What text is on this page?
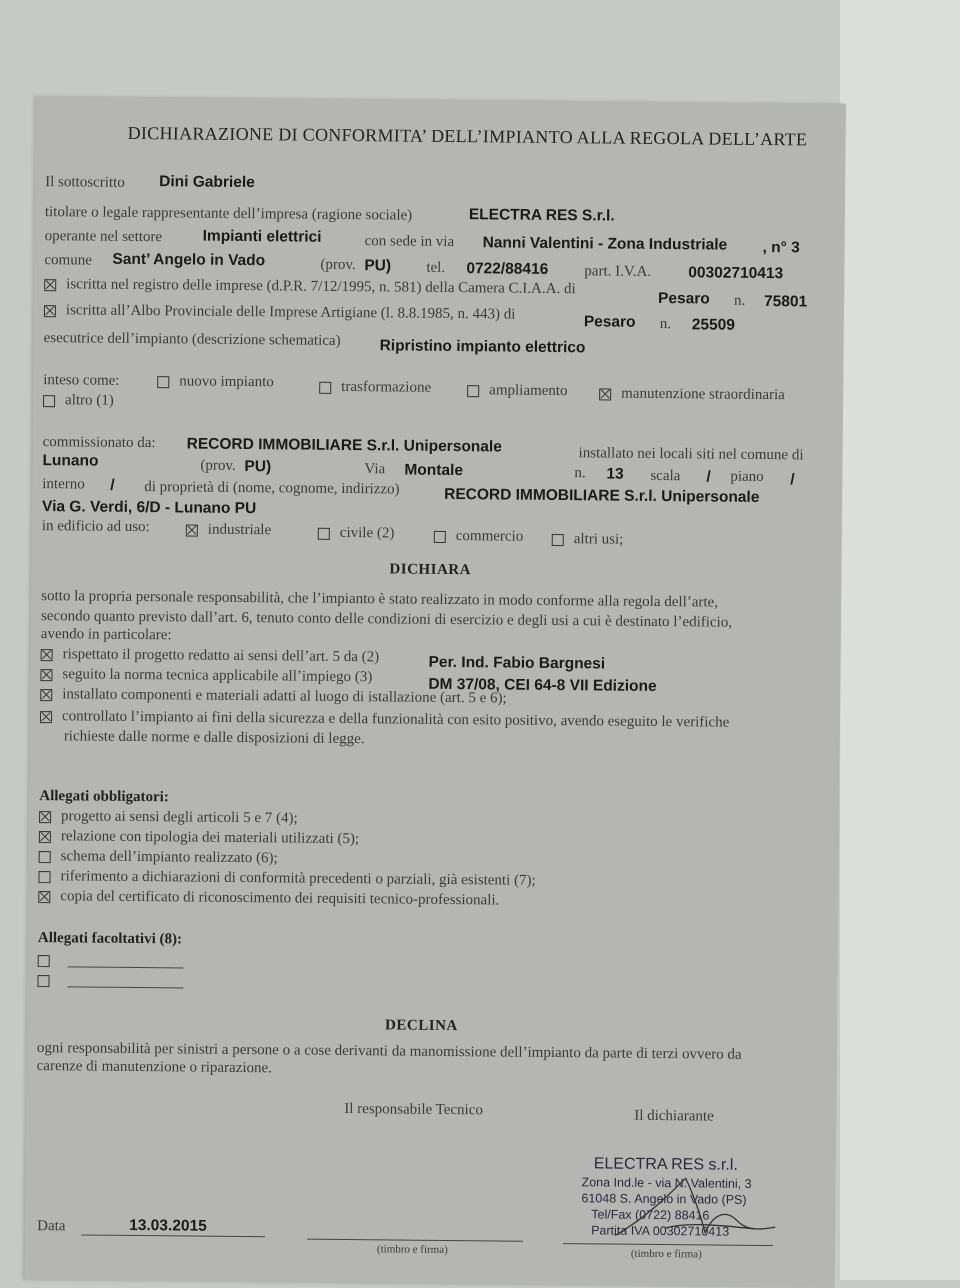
DICHIARAZIONE DI CONFORMITA’ DELL’IMPIANTO ALLA REGOLA DELL’ARTE
Il sottoscritto Dini Gabriele
titolare o legale rappresentante dell’impresa (ragione sociale)	ELECTRA RES S.r.l.
operante nel settore	Impianti elettrici	con sede in via Nanni Valentini - Zona Industriale , n° 3
comune Sant’ Angelo in Vado	(prov. PU) tel. 0722/88416 part. I.V.A. 00302710413
iscritta nel registro delle imprese (d.P.R. 7/12/1995, n. 581) della Camera C.I.A.A. di
Pesaro n. 75801
iscritta all’Albo Provinciale delle Imprese Artigiane (l. 8.8.1985, n. 443) di	Pesaro n. 25509
esecutrice dell’impianto (descrizione schematica)	Ripristino impianto elettrico
inteso come:	nuovo impianto	trasformazione	ampliamento	manutenzione straordinaria
altro (1)
commissionato da: RECORD IMMOBILIARE S.r.l. Unipersonale	installato nei locali siti nel comune di
Lunano	(prov. PU)	Via Montale	n. 13 scala / piano /
interno / di proprietà di (nome, cognome, indirizzo)	RECORD IMMOBILIARE S.r.l. Unipersonale
Via G. Verdi, 6/D - Lunano PU
in edificio ad uso:	industriale	civile (2)	commercio	altri usi;
DICHIARA
sotto la propria personale responsabilità, che l’impianto è stato realizzato in modo conforme alla regola dell’arte,
secondo quanto previsto dall’art. 6, tenuto conto delle condizioni di esercizio e degli usi a cui è destinato l’edificio,
avendo in particolare:
rispettato il progetto redatto ai sensi dell’art. 5 da (2)	Per. Ind. Fabio Bargnesi
seguito la norma tecnica applicabile all’impiego (3)
DM 37/08, CEI 64-8 VII Edizione
installato componenti e materiali adatti al luogo di istallazione (art. 5 e 6);
controllato l’impianto ai fini della sicurezza e della funzionalità con esito positivo, avendo eseguito le verifiche
richieste dalle norme e dalle disposizioni di legge.
Allegati obbligatori:
progetto ai sensi degli articoli 5 e 7 (4);
relazione con tipologia dei materiali utilizzati (5);
schema dell’impianto realizzato (6);
riferimento a dichiarazioni di conformità precedenti o parziali, già esistenti (7);
copia del certificato di riconoscimento dei requisiti tecnico-professionali.
Allegati facoltativi (8):
DECLINA
ogni responsabilità per sinistri a persone o a cose derivanti da manomissione dell’impianto da parte di terzi ovvero da
carenze di manutenzione o riparazione.
Il responsabile Tecnico	Il dichiarante
ELECTRA RES s.r.l.
Zona Ind.le - via N. Valentini, 3
61048 S. Angelo in Vado (PS)
Tel/Fax (0722) 88416
Partita IVA 00302710413
Data	13.03.2015
(timbro e firma)	(timbro e firma)
